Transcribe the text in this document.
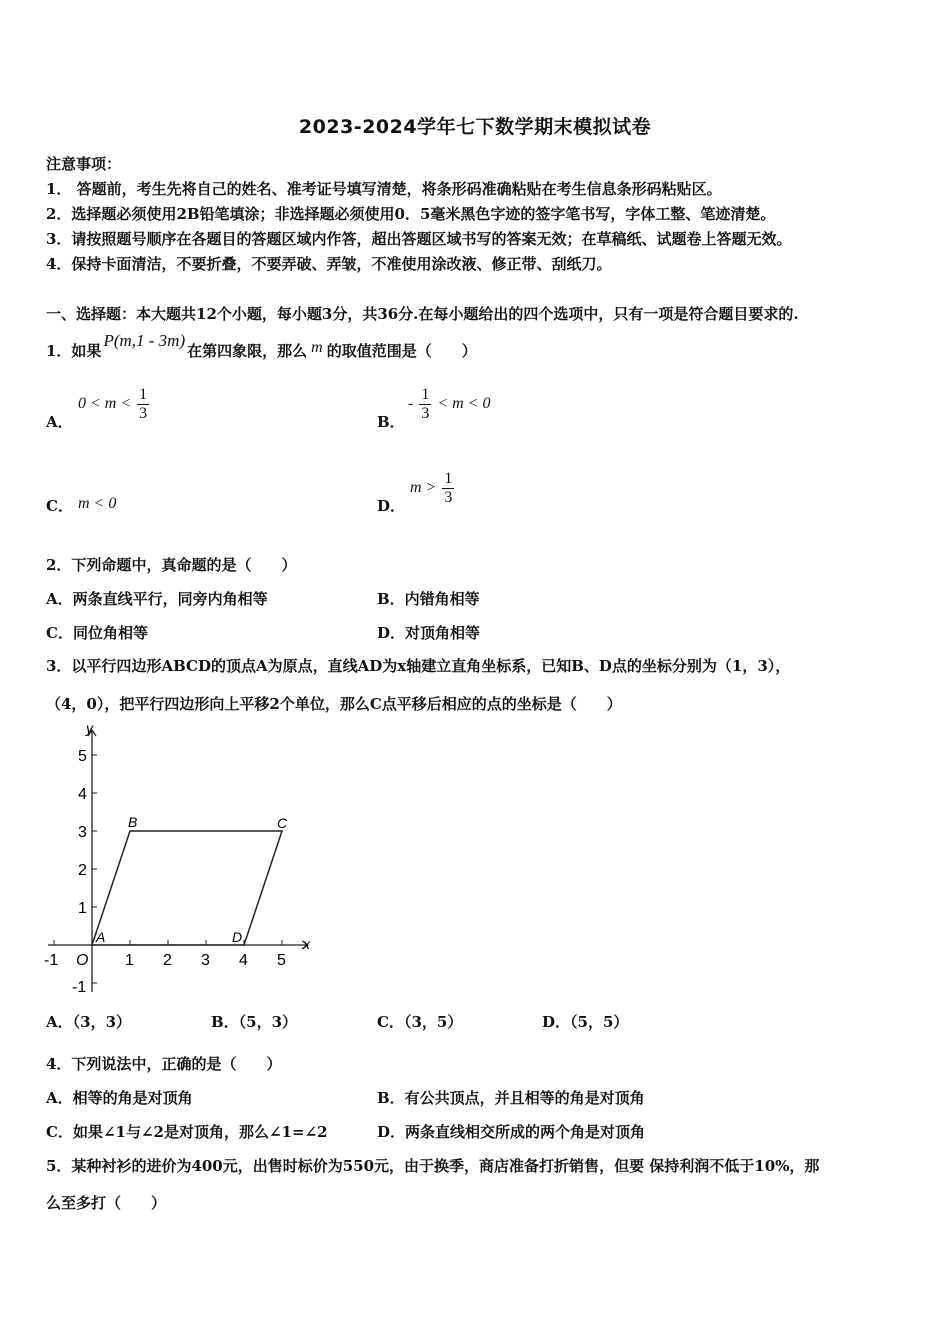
2023-2024学年七下数学期末模拟试卷
注意事项：
1． 答题前，考生先将自己的姓名、准考证号填写清楚，将条形码准确粘贴在考生信息条形码粘贴区。
2．选择题必须使用2B铅笔填涂；非选择题必须使用0．5毫米黑色字迹的签字笔书写，字体工整、笔迹清楚。
3．请按照题号顺序在各题目的答题区域内作答，超出答题区域书写的答案无效；在草稿纸、试题卷上答题无效。
4．保持卡面清洁，不要折叠，不要弄破、弄皱，不准使用涂改液、修正带、刮纸刀。
一、选择题：本大题共12个小题，每小题3分，共36分.在每小题给出的四个选项中，只有一项是符合题目要求的.
1．如果P(m,1 - 3m)在第四象限，那么 m 的取值范围是（　　）
A．
$0 < m < \frac{1}{3}$	B．
- $\frac{1}{3} < m < 0$
C． m < 0	D．
$m > \frac{1}{3}$
2．下列命题中，真命题的是（　　）
A．两条直线平行，同旁内角相等	B．内错角相等
C．同位角相等	D．对顶角相等
3．以平行四边形ABCD的顶点A为原点，直线AD为x轴建立直角坐标系，已知B、D点的坐标分别为（1，3），
（4，0），把平行四边形向上平移2个单位，那么C点平移后相应的点的坐标是（　　）
x
y
O
-1	1 2 3 4 5
5
4
3
2
1
-1
A
B	C
D
A．（3，3）	B．（5，3）	C．（3，5）	D．（5，5）
4．下列说法中，正确的是（　　）
A．相等的角是对顶角	B．有公共顶点，并且相等的角是对顶角
C．如果∠1与∠2是对顶角，那么∠1=∠2	D．两条直线相交所成的两个角是对顶角
5．某种衬衫的进价为400元，出售时标价为550元，由于换季，商店准备打折销售，但要 保持利润不低于10%，那
么至多打（　　）
